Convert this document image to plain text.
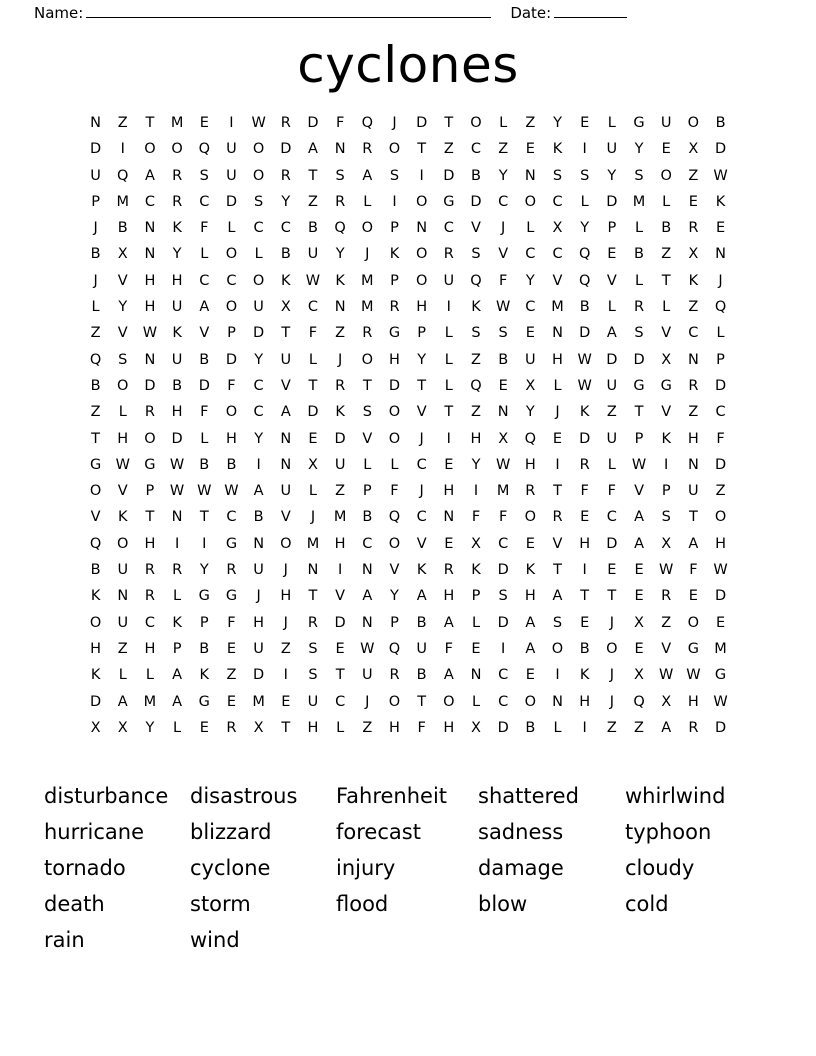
Name:	Date:
cyclones
N	Z	T	M	E	I	W	R	D	F	Q	J	D	T	O	L	Z	Y	E	L	G	U	O	B
D	I	O	O	Q	U	O	D	A	N	R	O	T	Z	C	Z	E	K	I	U	Y	E	X	D
U	Q	A	R	S	U	O	R	T	S	A	S	I	D	B	Y	N	S	S	Y	S	O	Z	W
P	M	C	R	C	D	S	Y	Z	R	L	I	O	G	D	C	O	C	L	D	M	L	E	K
J	B	N	K	F	L	C	C	B	Q	O	P	N	C	V	J	L	X	Y	P	L	B	R	E
B	X	N	Y	L	O	L	B	U	Y	J	K	O	R	S	V	C	C	Q	E	B	Z	X	N
J	V	H	H	C	C	O	K	W	K	M	P	O	U	Q	F	Y	V	Q	V	L	T	K	J
L	Y	H	U	A	O	U	X	C	N	M	R	H	I	K	W	C	M	B	L	R	L	Z	Q
Z	V	W	K	V	P	D	T	F	Z	R	G	P	L	S	S	E	N	D	A	S	V	C	L
Q	S	N	U	B	D	Y	U	L	J	O	H	Y	L	Z	B	U	H	W D	D	X	N	P
B	O	D	B	D	F	C	V	T	R	T	D	T	L	Q	E	X	L	W	U	G	G	R	D
Z	L	R	H	F	O	C	A	D	K	S	O	V	T	Z	N	Y	J	K	Z	T	V	Z	C
T	H	O	D	L	H	Y	N	E	D	V	O	J	I	H	X	Q	E	D	U	P	K	H	F
G W G W	B	B	I	N	X	U	L	L	C	E	Y	W	H	I	R	L	W	I	N	D
O	V	P	W W W	A	U	L	Z	P	F	J	H	I	M	R	T	F	F	V	P	U	Z
V	K	T	N	T	C	B	V	J	M	B	Q	C	N	F	F	O	R	E	C	A	S	T	O
Q	O	H	I	I	G	N	O	M	H	C	O	V	E	X	C	E	V	H	D	A	X	A	H
B	U	R	R	Y	R	U	J	N	I	N	V	K	R	K	D	K	T	I	E	E	W	F	W
K	N	R	L	G	G	J	H	T	V	A	Y	A	H	P	S	H	A	T	T	E	R	E	D
O	U	C	K	P	F	H	J	R	D	N	P	B	A	L	D	A	S	E	J	X	Z	O	E
H	Z	H	P	B	E	U	Z	S	E	W Q	U	F	E	I	A	O	B	O	E	V	G	M
K	L	L	A	K	Z	D	I	S	T	U	R	B	A	N	C	E	I	K	J	X	W W G
D	A	M	A	G	E	M	E	U	C	J	O	T	O	L	C	O	N	H	J	Q	X	H	W
X	X	Y	L	E	R	X	T	H	L	Z	H	F	H	X	D	B	L	I	Z	Z	A	R	D
disturbance
hurricane
tornado
death
rain
disastrous
blizzard
cyclone
storm
wind
Fahrenheit
forecast
injury
flood
shattered
sadness
damage
blow
whirlwind
typhoon
cloudy
cold
